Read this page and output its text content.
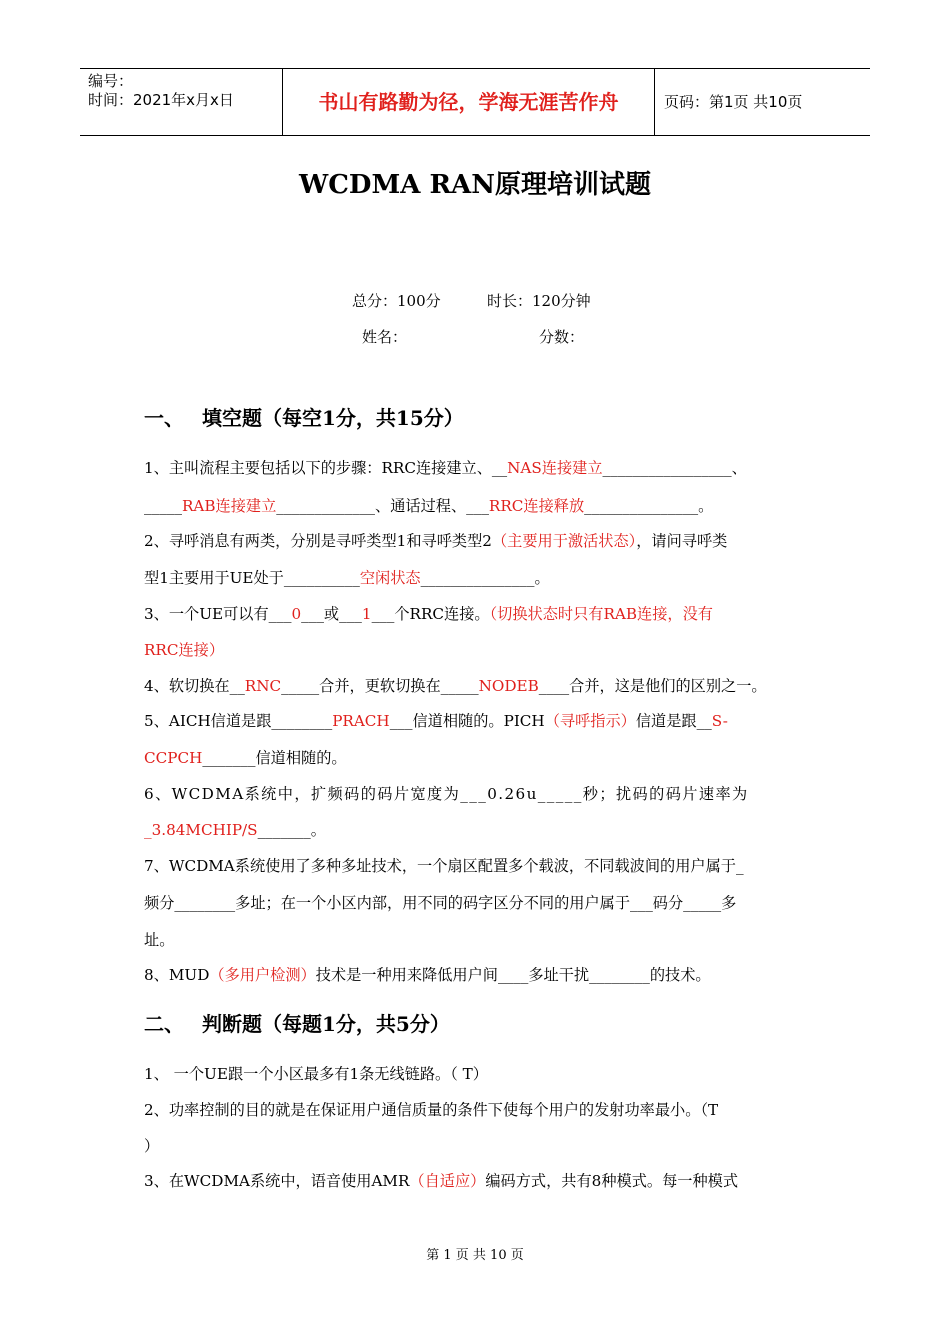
编号：
时间：2021年x月x日	书山有路勤为径，学海无涯苦作舟	页码：第1页 共10页
WCDMA RAN原理培训试题
总分：100分	时长：120分钟
姓名：	分数：
一、 填空题（每空1分，共15分）
1、主叫流程主要包括以下的步骤：RRC连接建立、__NAS连接建立_________________、
_____RAB连接建立_____________、通话过程、___RRC连接释放_______________。
2、寻呼消息有两类，分别是寻呼类型1和寻呼类型2（主要用于激活状态），请问寻呼类
型1主要用于UE处于__________空闲状态_______________。
3、一个UE可以有___0___或___1___个RRC连接。（切换状态时只有RAB连接，没有
RRC连接）
4、软切换在__RNC_____合并，更软切换在_____NODEB____合并，这是他们的区别之一。
5、AICH信道是跟________PRACH___信道相随的。PICH（寻呼指示）信道是跟__S-
CCPCH_______信道相随的。
6、WCDMA系统中，扩频码的码片宽度为___0.26u_____秒；扰码的码片速率为
_3.84MCHIP/S_______。
7、WCDMA系统使用了多种多址技术，一个扇区配置多个载波，不同载波间的用户属于_
频分________多址；在一个小区内部，用不同的码字区分不同的用户属于___码分_____多
址。
8、MUD（多用户检测）技术是一种用来降低用户间____多址干扰________的技术。
二、 判断题（每题1分，共5分）
1、 一个UE跟一个小区最多有1条无线链路。（ T）
2、功率控制的目的就是在保证用户通信质量的条件下使每个用户的发射功率最小。（T
）
3、在WCDMA系统中，语音使用AMR（自适应）编码方式，共有8种模式。每一种模式
第 1 页 共 10 页
